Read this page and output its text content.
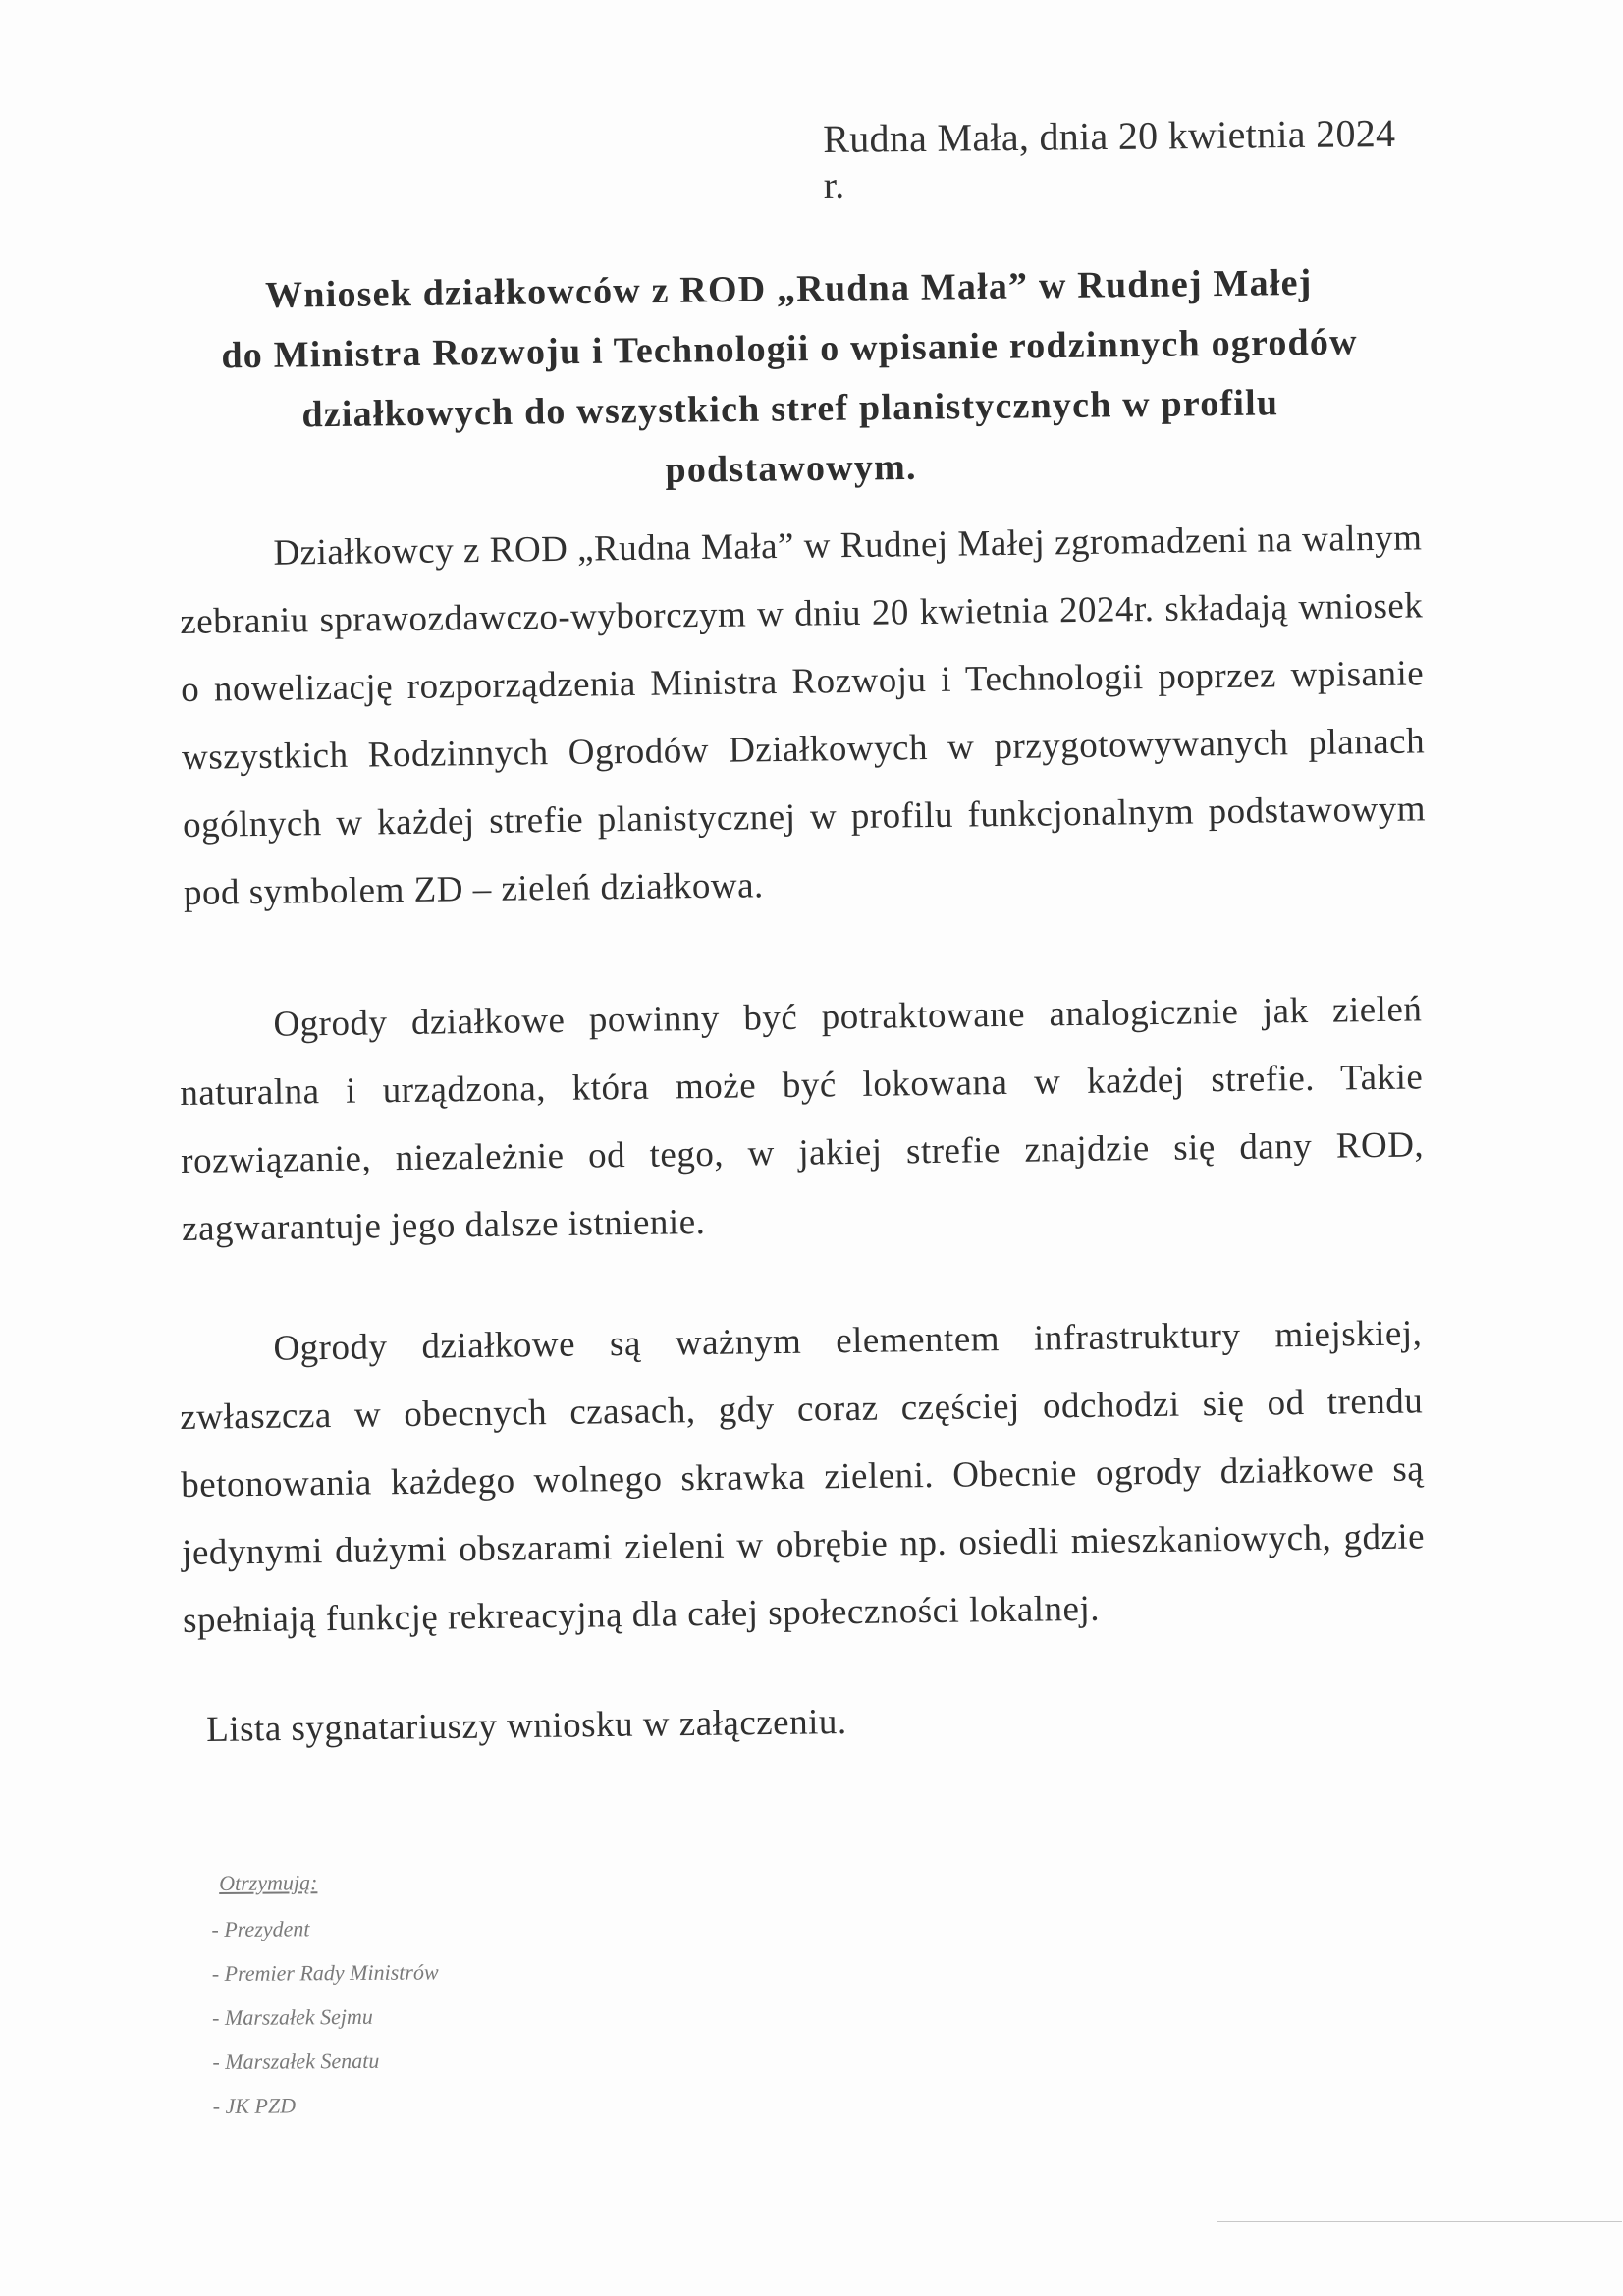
Rudna Mała, dnia 20 kwietnia 2024 r.
Wniosek działkowców z ROD „Rudna Mała” w Rudnej Małej
do Ministra Rozwoju i Technologii o wpisanie rodzinnych ogrodów
działkowych do wszystkich stref planistycznych w profilu podstawowym.

Działkowcy z ROD „Rudna Mała” w Rudnej Małej zgromadzeni na walnym zebraniu sprawozdawczo-wyborczym w dniu 20 kwietnia 2024r. składają wniosek o nowelizację rozporządzenia Ministra Rozwoju i Technologii poprzez wpisanie wszystkich Rodzinnych Ogrodów Działkowych w przygotowywanych planach ogólnych w każdej strefie planistycznej w profilu funkcjonalnym podstawowym pod symbolem ZD – zieleń działkowa.

Ogrody działkowe powinny być potraktowane analogicznie jak zieleń naturalna i urządzona, która może być lokowana w każdej strefie. Takie rozwiązanie, niezależnie od tego, w jakiej strefie znajdzie się dany ROD, zagwarantuje jego dalsze istnienie.

Ogrody działkowe są ważnym elementem infrastruktury miejskiej, zwłaszcza w obecnych czasach, gdy coraz częściej odchodzi się od trendu betonowania każdego wolnego skrawka zieleni. Obecnie ogrody działkowe są jedynymi dużymi obszarami zieleni w obrębie np. osiedli mieszkaniowych, gdzie spełniają funkcję rekreacyjną dla całej społeczności lokalnej.

Lista sygnatariuszy wniosku w załączeniu.
Otrzymują:
- Prezydent
- Premier Rady Ministrów
- Marszałek Sejmu
- Marszałek Senatu
- JK PZD
